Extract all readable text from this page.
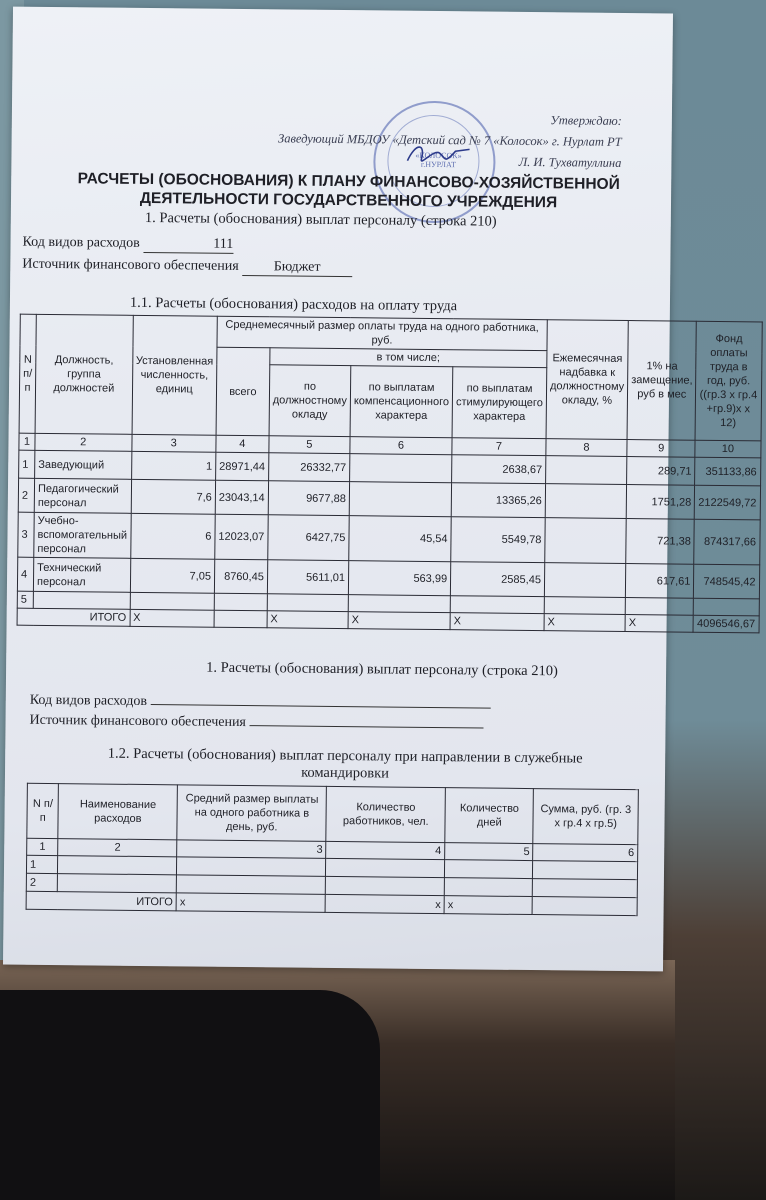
«КОЛОСОК» г.НУРЛАТ
Утверждаю:
Заведующий МБДОУ «Детский сад № 7 «Колосок» г. Нурлат РТ
Л. И. Тухватуллина
РАСЧЕТЫ (ОБОСНОВАНИЯ) К ПЛАНУ ФИНАНСОВО-ХОЗЯЙСТВЕННОЙ
ДЕЯТЕЛЬНОСТИ ГОСУДАРСТВЕННОГО УЧРЕЖДЕНИЯ
1. Расчеты (обоснования) выплат персоналу (строка 210)
Код видов расходов	111
Источник финансового обеспечения Бюджет
1.1. Расчеты (обоснования) расходов на оплату труда
N п/п	Должность, группа должностей	Установленная численность, единиц	Среднемесячный размер оплаты труда на одного работника, руб.				Ежемесячная надбавка к должностному окладу, %	1% на замещение, руб в мес	Фонд оплаты труда в год, руб. ((гр.3 х гр.4 +гр.9)х х 12)
			всего	в том числе;					
				по должностному окладу	по выплатам компенсационного характера	по выплатам стимулирующего характера			
1	2	3	4	5	6	7	8	9	10
1	Заведующий	1	28971,44	26332,77		2638,67		289,71	351133,86
2	Педагогический персонал	7,6	23043,14	9677,88		13365,26		1751,28	2122549,72
3	Учебно-вспомогательный персонал	6	12023,07	6427,75	45,54	5549,78		721,38	874317,66
4	Технический персонал	7,05	8760,45	5611,01	563,99	2585,45		617,61	748545,42
5									
ИТОГО		Х		Х	Х	Х	Х	Х	4096546,67
1. Расчеты (обоснования) выплат персоналу (строка 210)
Код видов расходов
Источник финансового обеспечения
1.2. Расчеты (обоснования) выплат персоналу при направлении в служебные
командировки
N п/п	Наименование расходов	Средний размер выплаты на одного работника в день, руб.	Количество работников, чел.	Количество дней	Сумма, руб. (гр. 3 х гр.4 х гр.5)
1	2	3	4	5	6
1					
2					
ИТОГО		х	х	х	
